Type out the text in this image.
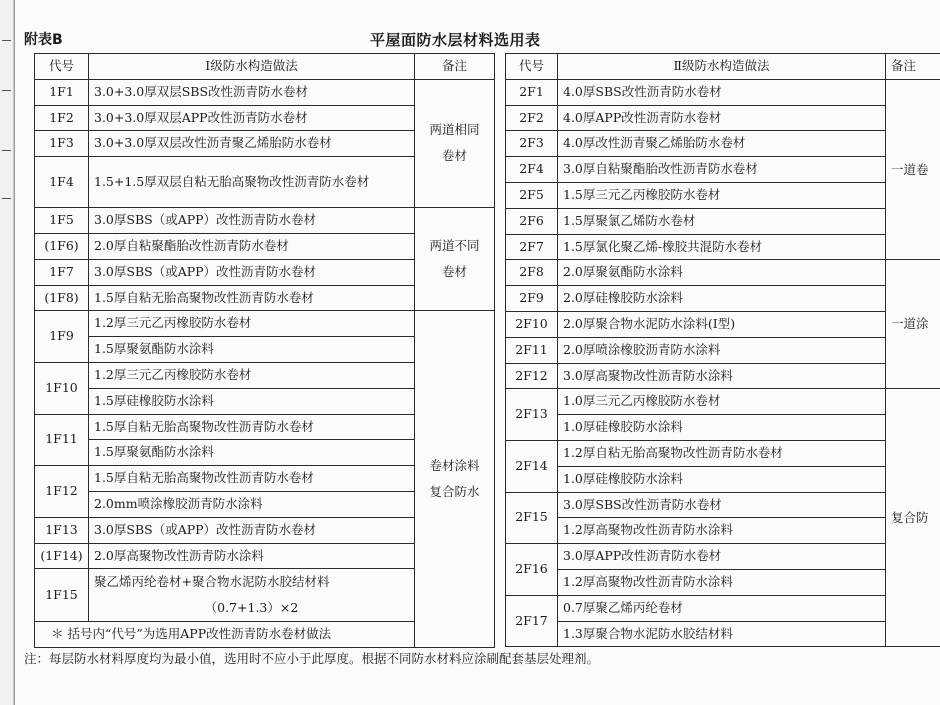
附表B	平屋面防水层材料选用表
代号	Ⅰ级防水构造做法	备注
1F1	3.0+3.0厚双层SBS改性沥青防水卷材	两道相同
卷材

1F2	3.0+3.0厚双层APP改性沥青防水卷材	
1F3	3.0+3.0厚双层改性沥青聚乙烯胎防水卷材	
1F4	1.5+1.5厚双层自粘无胎高聚物改性沥青防水卷材	
1F5	3.0厚SBS（或APP）改性沥青防水卷材	两道不同
卷材

(1F6)	2.0厚自粘聚酯胎改性沥青防水卷材	
1F7	3.0厚SBS（或APP）改性沥青防水卷材	
(1F8)	1.5厚自粘无胎高聚物改性沥青防水卷材	
1F9	1.2厚三元乙丙橡胶防水卷材	卷材涂料
复合防水

	1.5厚聚氨酯防水涂料	
1F10	1.2厚三元乙丙橡胶防水卷材	
	1.5厚硅橡胶防水涂料	
1F11	1.5厚自粘无胎高聚物改性沥青防水卷材	
	1.5厚聚氨酯防水涂料	
1F12	1.5厚自粘无胎高聚物改性沥青防水卷材	
	2.0mm喷涂橡胶沥青防水涂料	
1F13	3.0厚SBS（或APP）改性沥青防水卷材	
(1F14)	2.0厚高聚物改性沥青防水涂料	
1F15	聚乙烯丙纶卷材+聚合物水泥防水胶结材料
（0.7+1.3）×2	

＊ 括号内“代号”为选用APP改性沥青防水卷材做法		
代号	Ⅱ级防水构造做法	备注
2F1	4.0厚SBS改性沥青防水卷材	一道卷
2F2	4.0厚APP改性沥青防水卷材	
2F3	4.0厚改性沥青聚乙烯胎防水卷材	
2F4	3.0厚自粘聚酯胎改性沥青防水卷材	
2F5	1.5厚三元乙丙橡胶防水卷材	
2F6	1.5厚聚氯乙烯防水卷材	
2F7	1.5厚氯化聚乙烯-橡胶共混防水卷材	
2F8	2.0厚聚氨酯防水涂料	一道涂
2F9	2.0厚硅橡胶防水涂料	
2F10	2.0厚聚合物水泥防水涂料(Ⅰ型)	
2F11	2.0厚喷涂橡胶沥青防水涂料	
2F12	3.0厚高聚物改性沥青防水涂料	
2F13	1.0厚三元乙丙橡胶防水卷材	复合防
	1.0厚硅橡胶防水涂料	
2F14	1.2厚自粘无胎高聚物改性沥青防水卷材	
	1.0厚硅橡胶防水涂料	
2F15	3.0厚SBS改性沥青防水卷材	
	1.2厚高聚物改性沥青防水涂料	
2F16	3.0厚APP改性沥青防水卷材	
	1.2厚高聚物改性沥青防水涂料	
2F17	0.7厚聚乙烯丙纶卷材	
	1.3厚聚合物水泥防水胶结材料	
注：每层防水材料厚度均为最小值，选用时不应小于此厚度。根据不同防水材料应涂刷配套基层处理剂。
